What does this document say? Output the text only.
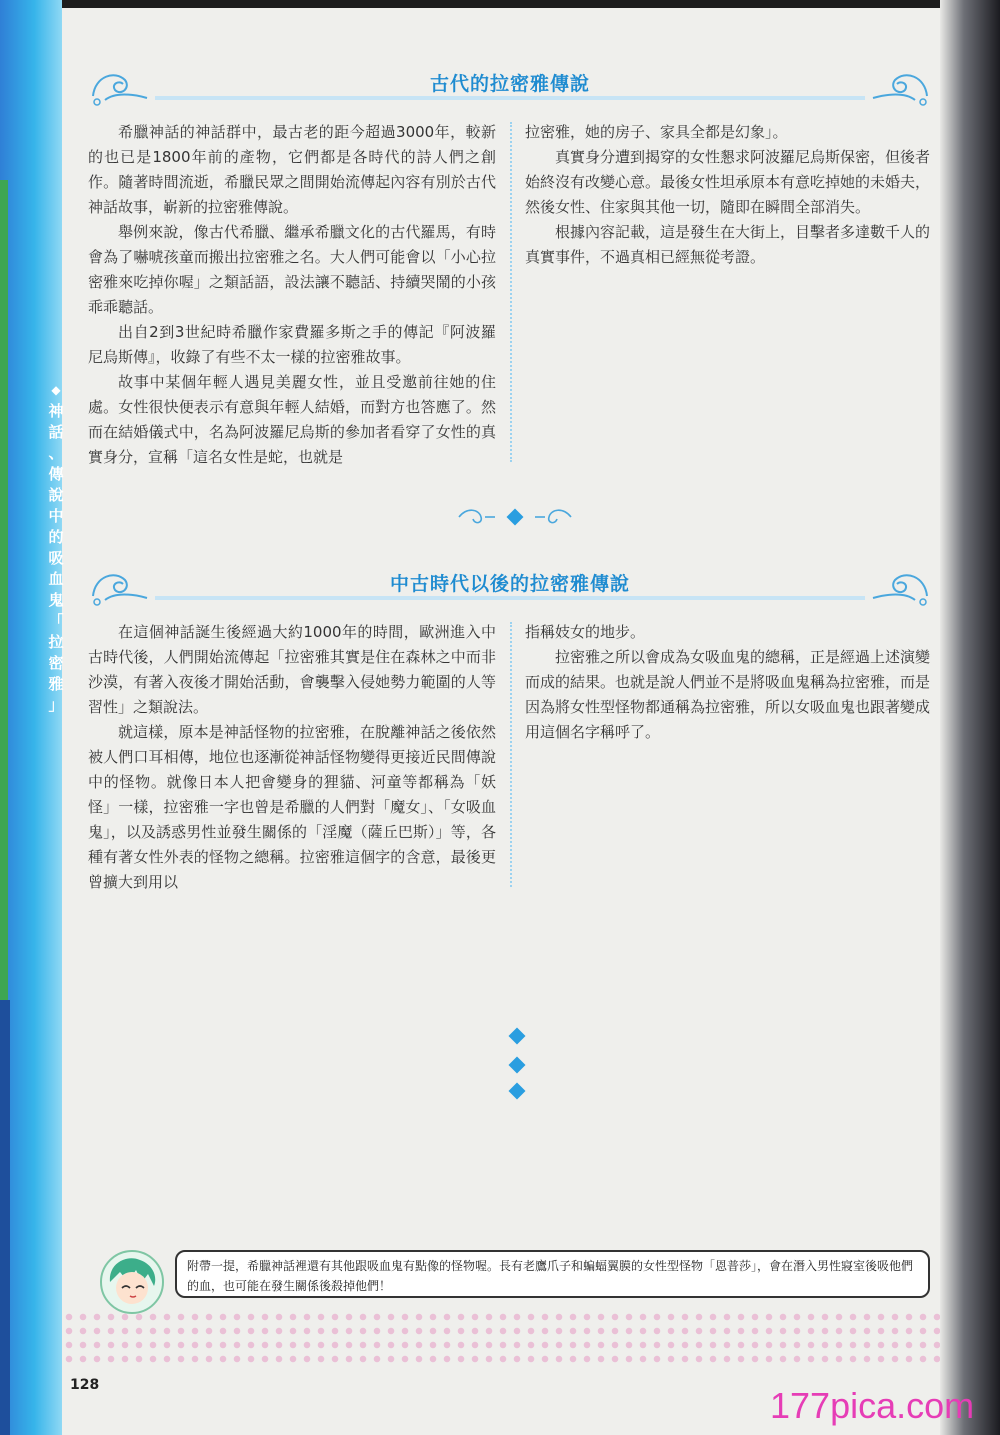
◆
神
話
、
傳
說
中
的
吸
血
鬼
「
拉
密
雅
」
古代的拉密雅傳說

希臘神話的神話群中，最古老的距今超過3000年，較新的也已是1800年前的產物，它們都是各時代的詩人們之創作。隨著時間流逝，希臘民眾之間開始流傳起內容有別於古代神話故事，嶄新的拉密雅傳說。

舉例來說，像古代希臘、繼承希臘文化的古代羅馬，有時會為了嚇唬孩童而搬出拉密雅之名。大人們可能會以「小心拉密雅來吃掉你喔」之類話語，設法讓不聽話、持續哭鬧的小孩乖乖聽話。

出自2到3世紀時希臘作家費羅多斯之手的傳記『阿波羅尼烏斯傳』，收錄了有些不太一樣的拉密雅故事。

故事中某個年輕人遇見美麗女性，並且受邀前往她的住處。女性很快便表示有意與年輕人結婚，而對方也答應了。然而在結婚儀式中，名為阿波羅尼烏斯的參加者看穿了女性的真實身分，宣稱「這名女性是蛇，也就是

拉密雅，她的房子、家具全都是幻象」。

真實身分遭到揭穿的女性懇求阿波羅尼烏斯保密，但後者始終沒有改變心意。最後女性坦承原本有意吃掉她的未婚夫，然後女性、住家與其他一切，隨即在瞬間全部消失。

根據內容記載，這是發生在大街上，目擊者多達數千人的真實事件，不過真相已經無從考證。

中古時代以後的拉密雅傳說

在這個神話誕生後經過大約1000年的時間，歐洲進入中古時代後，人們開始流傳起「拉密雅其實是住在森林之中而非沙漠，有著入夜後才開始活動，會襲擊入侵她勢力範圍的人等習性」之類說法。

就這樣，原本是神話怪物的拉密雅，在脫離神話之後依然被人們口耳相傳，地位也逐漸從神話怪物變得更接近民間傳說中的怪物。就像日本人把會變身的狸貓、河童等都稱為「妖怪」一樣，拉密雅一字也曾是希臘的人們對「魔女」、「女吸血鬼」，以及誘惑男性並發生關係的「淫魔（薩丘巴斯）」等，各種有著女性外表的怪物之總稱。拉密雅這個字的含意，最後更曾擴大到用以

指稱妓女的地步。

拉密雅之所以會成為女吸血鬼的總稱，正是經過上述演變而成的結果。也就是說人們並不是將吸血鬼稱為拉密雅，而是因為將女性型怪物都通稱為拉密雅，所以女吸血鬼也跟著變成用這個名字稱呼了。

附帶一提，希臘神話裡還有其他跟吸血鬼有點像的怪物喔。長有老鷹爪子和蝙蝠翼膜的女性型怪物「恩普莎」，會在潛入男性寢室後吸他們的血，也可能在發生關係後殺掉他們！
128	177pica.com
